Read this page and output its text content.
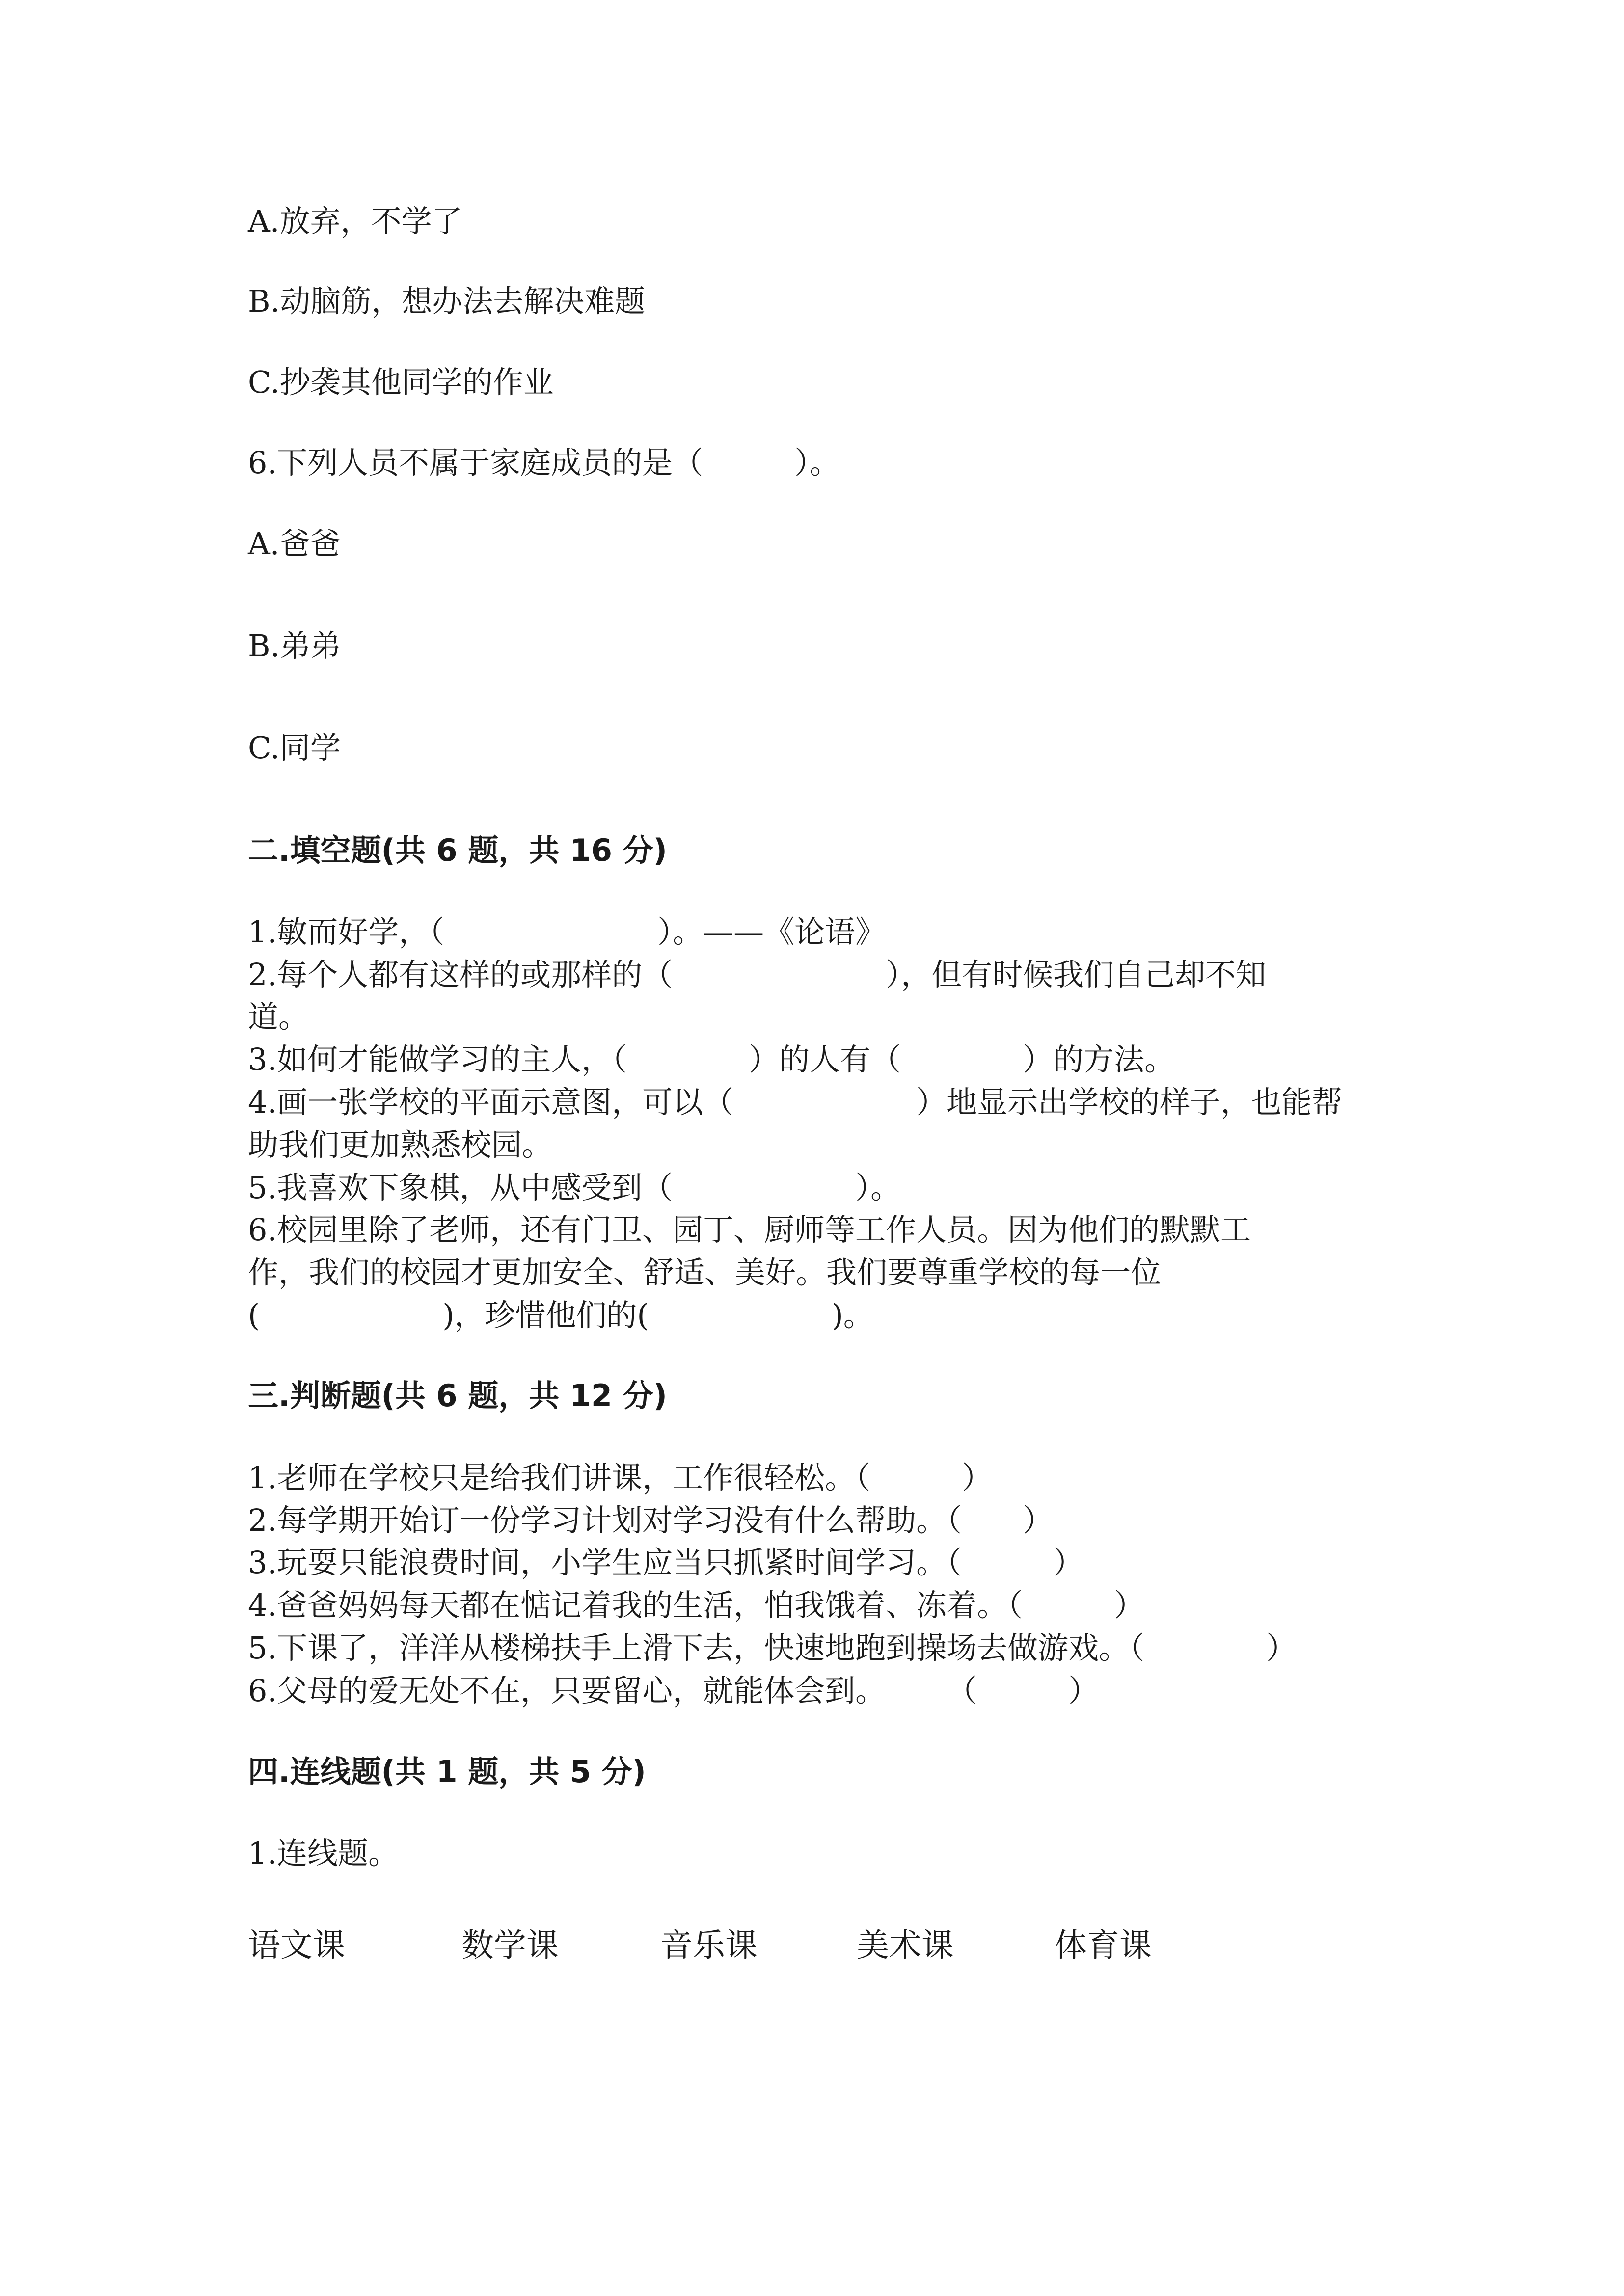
A.放弃，不学了
B.动脑筋，想办法去解决难题
C.抄袭其他同学的作业
6.下列人员不属于家庭成员的是（　　　）。
A.爸爸
B.弟弟
C.同学
二.填空题(共 6 题，共 16 分)
1.敏而好学，（　　　　　　　）。——《论语》
2.每个人都有这样的或那样的（　　　　　　　），但有时候我们自己却不知
道。
3.如何才能做学习的主人，（　　　　）的人有（　　　　）的方法。
4.画一张学校的平面示意图，可以（　　　　　　）地显示出学校的样子，也能帮
助我们更加熟悉校园。
5.我喜欢下象棋，从中感受到（　　　　　　）。
6.校园里除了老师，还有门卫、园丁、厨师等工作人员。因为他们的默默工
作，我们的校园才更加安全、舒适、美好。我们要尊重学校的每一位
(　　　　　　)，珍惜他们的(　　　　　　)。
三.判断题(共 6 题，共 12 分)
1.老师在学校只是给我们讲课，工作很轻松。（　　　）
2.每学期开始订一份学习计划对学习没有什么帮助。（　　）
3.玩耍只能浪费时间，小学生应当只抓紧时间学习。（　　　）
4.爸爸妈妈每天都在惦记着我的生活，怕我饿着、冻着。（　　　）
5.下课了，洋洋从楼梯扶手上滑下去，快速地跑到操场去做游戏。（　　　　）
6.父母的爱无处不在，只要留心，就能体会到。　　　（　　　）
四.连线题(共 1 题，共 5 分)
1.连线题。
语文课	数学课	音乐课	美术课	体育课
